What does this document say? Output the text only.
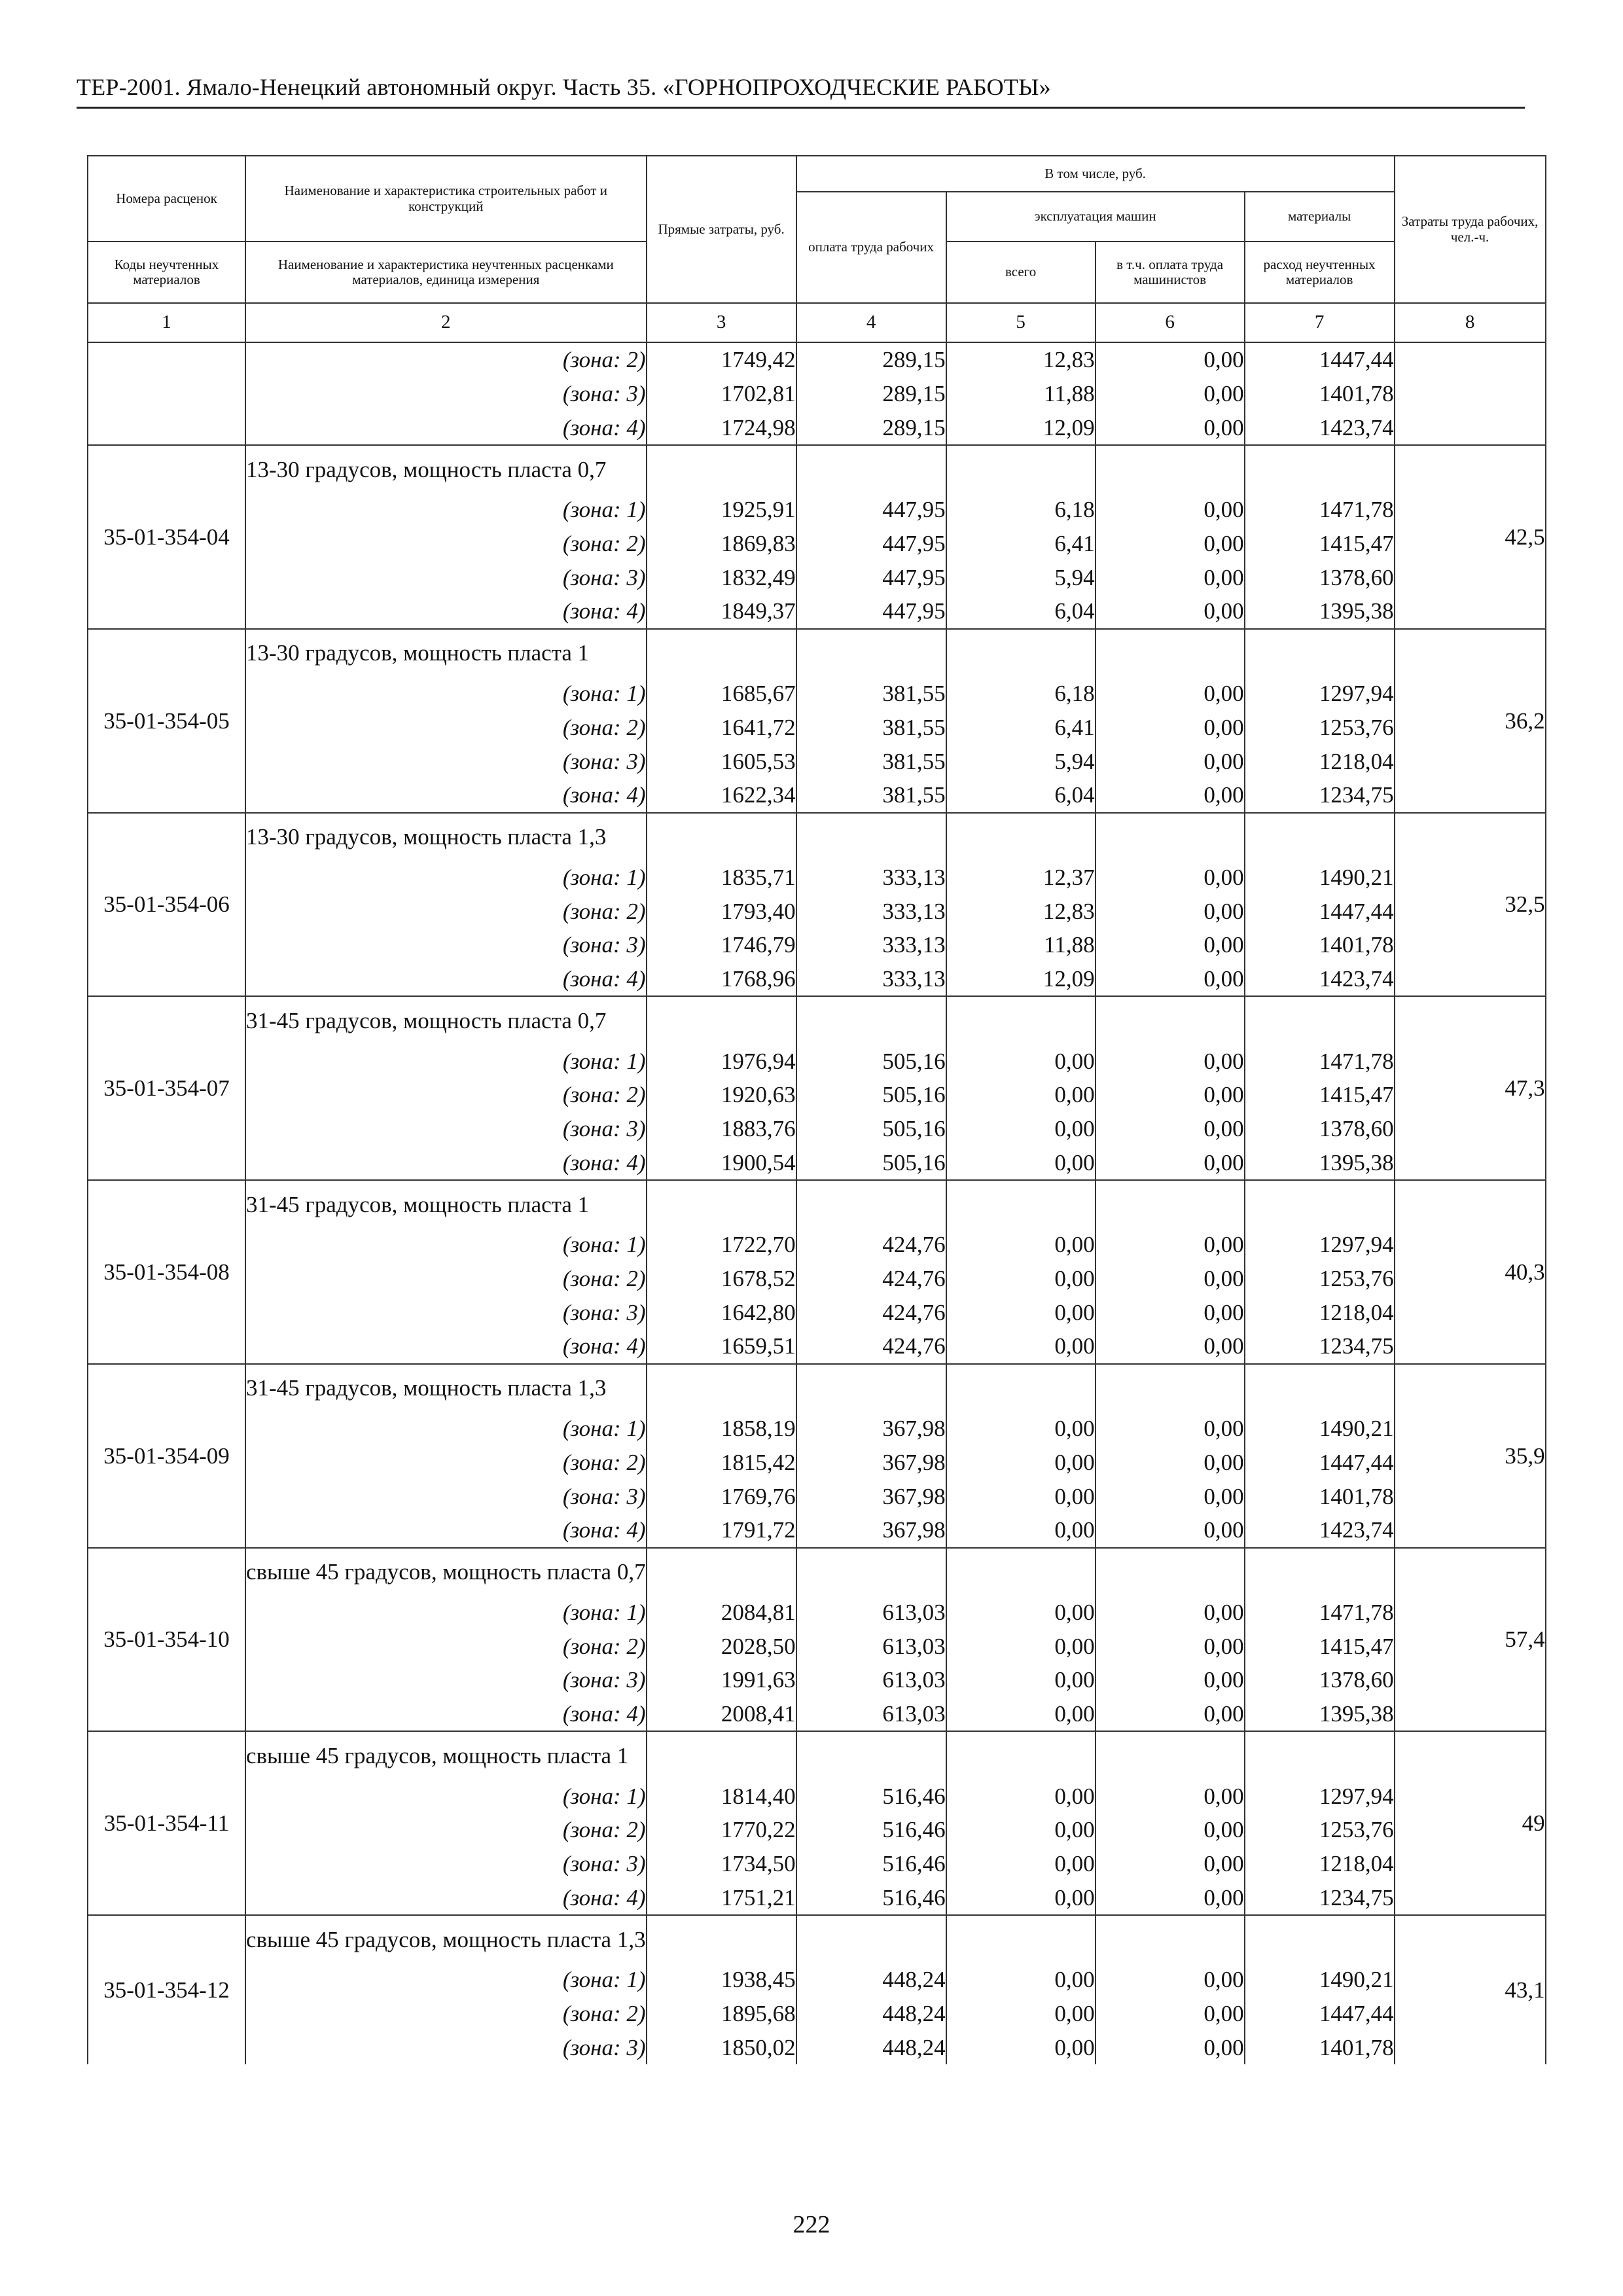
ТЕР-2001. Ямало-Ненецкий автономный округ. Часть 35. «ГОРНОПРОХОДЧЕСКИЕ РАБОТЫ»
Номера расценок	Наименование и характеристика строительных работ и конструкций	Прямые затраты, руб.	В том числе, руб.				Затраты труда рабочих, чел.-ч.
			оплата труда рабочих	эксплуатация машин		материалы	
Коды неучтенных материалов	Наименование и характеристика неучтенных расценками материалов, единица измерения			всего	в т.ч. оплата труда машинистов	расход неучтенных материалов	
1	2	3	4	5	6	7	8
	(зона: 2)	1749,42	289,15	12,83	0,00	1447,44	
	(зона: 3)	1702,81	289,15	11,88	0,00	1401,78	
	(зона: 4)	1724,98	289,15	12,09	0,00	1423,74	
35-01-354-04	13-30 градусов, мощность пласта 0,7						42,5
	(зона: 1)	1925,91	447,95	6,18	0,00	1471,78	
	(зона: 2)	1869,83	447,95	6,41	0,00	1415,47	
	(зона: 3)	1832,49	447,95	5,94	0,00	1378,60	
	(зона: 4)	1849,37	447,95	6,04	0,00	1395,38	
35-01-354-05	13-30 градусов, мощность пласта 1						36,2
	(зона: 1)	1685,67	381,55	6,18	0,00	1297,94	
	(зона: 2)	1641,72	381,55	6,41	0,00	1253,76	
	(зона: 3)	1605,53	381,55	5,94	0,00	1218,04	
	(зона: 4)	1622,34	381,55	6,04	0,00	1234,75	
35-01-354-06	13-30 градусов, мощность пласта 1,3						32,5
	(зона: 1)	1835,71	333,13	12,37	0,00	1490,21	
	(зона: 2)	1793,40	333,13	12,83	0,00	1447,44	
	(зона: 3)	1746,79	333,13	11,88	0,00	1401,78	
	(зона: 4)	1768,96	333,13	12,09	0,00	1423,74	
35-01-354-07	31-45 градусов, мощность пласта 0,7						47,3
	(зона: 1)	1976,94	505,16	0,00	0,00	1471,78	
	(зона: 2)	1920,63	505,16	0,00	0,00	1415,47	
	(зона: 3)	1883,76	505,16	0,00	0,00	1378,60	
	(зона: 4)	1900,54	505,16	0,00	0,00	1395,38	
35-01-354-08	31-45 градусов, мощность пласта 1						40,3
	(зона: 1)	1722,70	424,76	0,00	0,00	1297,94	
	(зона: 2)	1678,52	424,76	0,00	0,00	1253,76	
	(зона: 3)	1642,80	424,76	0,00	0,00	1218,04	
	(зона: 4)	1659,51	424,76	0,00	0,00	1234,75	
35-01-354-09	31-45 градусов, мощность пласта 1,3						35,9
	(зона: 1)	1858,19	367,98	0,00	0,00	1490,21	
	(зона: 2)	1815,42	367,98	0,00	0,00	1447,44	
	(зона: 3)	1769,76	367,98	0,00	0,00	1401,78	
	(зона: 4)	1791,72	367,98	0,00	0,00	1423,74	
35-01-354-10	свыше 45 градусов, мощность пласта 0,7						57,4
	(зона: 1)	2084,81	613,03	0,00	0,00	1471,78	
	(зона: 2)	2028,50	613,03	0,00	0,00	1415,47	
	(зона: 3)	1991,63	613,03	0,00	0,00	1378,60	
	(зона: 4)	2008,41	613,03	0,00	0,00	1395,38	
35-01-354-11	свыше 45 градусов, мощность пласта 1						49
	(зона: 1)	1814,40	516,46	0,00	0,00	1297,94	
	(зона: 2)	1770,22	516,46	0,00	0,00	1253,76	
	(зона: 3)	1734,50	516,46	0,00	0,00	1218,04	
	(зона: 4)	1751,21	516,46	0,00	0,00	1234,75	
35-01-354-12	свыше 45 градусов, мощность пласта 1,3						43,1
	(зона: 1)	1938,45	448,24	0,00	0,00	1490,21	
	(зона: 2)	1895,68	448,24	0,00	0,00	1447,44	
	(зона: 3)	1850,02	448,24	0,00	0,00	1401,78	
222
